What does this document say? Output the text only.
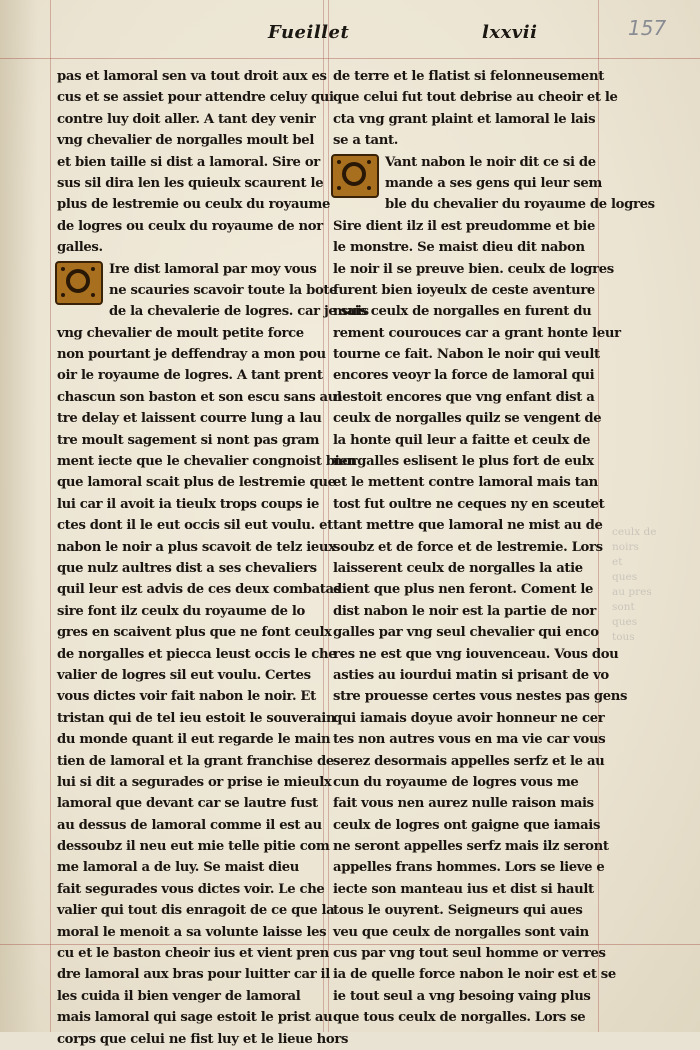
Fueillet	lxxvii	157
pas et lamoral sen va tout droit aux es
cus et se assiet pour attendre celuy qui
contre luy doit aller. A tant dey venir
vng chevalier de norgalles moult bel
et bien taille si dist a lamoral. Sire or
sus sil dira len les quieulx scaurent le
plus de lestremie ou ceulx du royaume
de logres ou ceulx du royaume de nor
galles.
Ire dist lamoral par moy vous
ne scauries scavoir toute la bote
de la chevalerie de logres. car je suis
vng chevalier de moult petite force
non pourtant je deffendray a mon pou
oir le royaume de logres. A tant prent
chascun son baston et son escu sans aul
tre delay et laissent courre lung a lau
tre moult sagement si nont pas gram
ment iecte que le chevalier congnoist bien
que lamoral scait plus de lestremie que
lui car il avoit ia tieulx trops coups ie
ctes dont il le eut occis sil eut voulu. et
nabon le noir a plus scavoit de telz ieux
que nulz aultres dist a ses chevaliers
quil leur est advis de ces deux combatas
sire font ilz ceulx du royaume de lo
gres en scaivent plus que ne font ceulx
de norgalles et piecca leust occis le che
valier de logres sil eut voulu. Certes
vous dictes voir fait nabon le noir. Et
tristan qui de tel ieu estoit le souverain
du monde quant il eut regarde le main
tien de lamoral et la grant franchise de
lui si dit a segurades or prise ie mieulx
lamoral que devant car se lautre fust
au dessus de lamoral comme il est au
dessoubz il neu eut mie telle pitie com
me lamoral a de luy. Se maist dieu
fait segurades vous dictes voir. Le che
valier qui tout dis enragoit de ce que la
moral le menoit a sa volunte laisse les
cu et le baston cheoir ius et vient pren
dre lamoral aux bras pour luitter car il
les cuida il bien venger de lamoral
mais lamoral qui sage estoit le prist au
corps que celui ne fist luy et le lieue hors
de terre et le flatist si felonneusement
que celui fut tout debrise au cheoir et le
cta vng grant plaint et lamoral le lais
se a tant.
Vant nabon le noir dit ce si de
mande a ses gens qui leur sem
ble du chevalier du royaume de logres
Sire dient ilz il est preudomme et bie
le monstre. Se maist dieu dit nabon
le noir il se preuve bien. ceulx de logres
furent bien ioyeulx de ceste aventure
mais ceulx de norgalles en furent du
rement courouces car a grant honte leur
tourne ce fait. Nabon le noir qui veult
encores veoyr la force de lamoral qui
nestoit encores que vng enfant dist a
ceulx de norgalles quilz se vengent de
la honte quil leur a faitte et ceulx de
norgalles eslisent le plus fort de eulx
et le mettent contre lamoral mais tan
tost fut oultre ne ceques ny en sceutet
tant mettre que lamoral ne mist au de
soubz et de force et de lestremie. Lors
laisserent ceulx de norgalles la atie
dient que plus nen feront. Coment le
dist nabon le noir est la partie de nor
galles par vng seul chevalier qui enco
res ne est que vng iouvenceau. Vous dou
asties au iourdui matin si prisant de vo
stre prouesse certes vous nestes pas gens
qui iamais doyue avoir honneur ne cer
tes non autres vous en ma vie car vous
serez desormais appelles serfz et le au
cun du royaume de logres vous me
fait vous nen aurez nulle raison mais
ceulx de logres ont gaigne que iamais
ne seront appelles serfz mais ilz seront
appelles frans hommes. Lors se lieve e
iecte son manteau ius et dist si hault
tous le ouyrent. Seigneurs qui aues
veu que ceulx de norgalles sont vain
cus par vng tout seul homme or verres
ia de quelle force nabon le noir est et se
ie tout seul a vng besoing vaing plus
que tous ceulx de norgalles. Lors se
ceulx de
noirs
et
ques
au pres
sont
ques
tous
